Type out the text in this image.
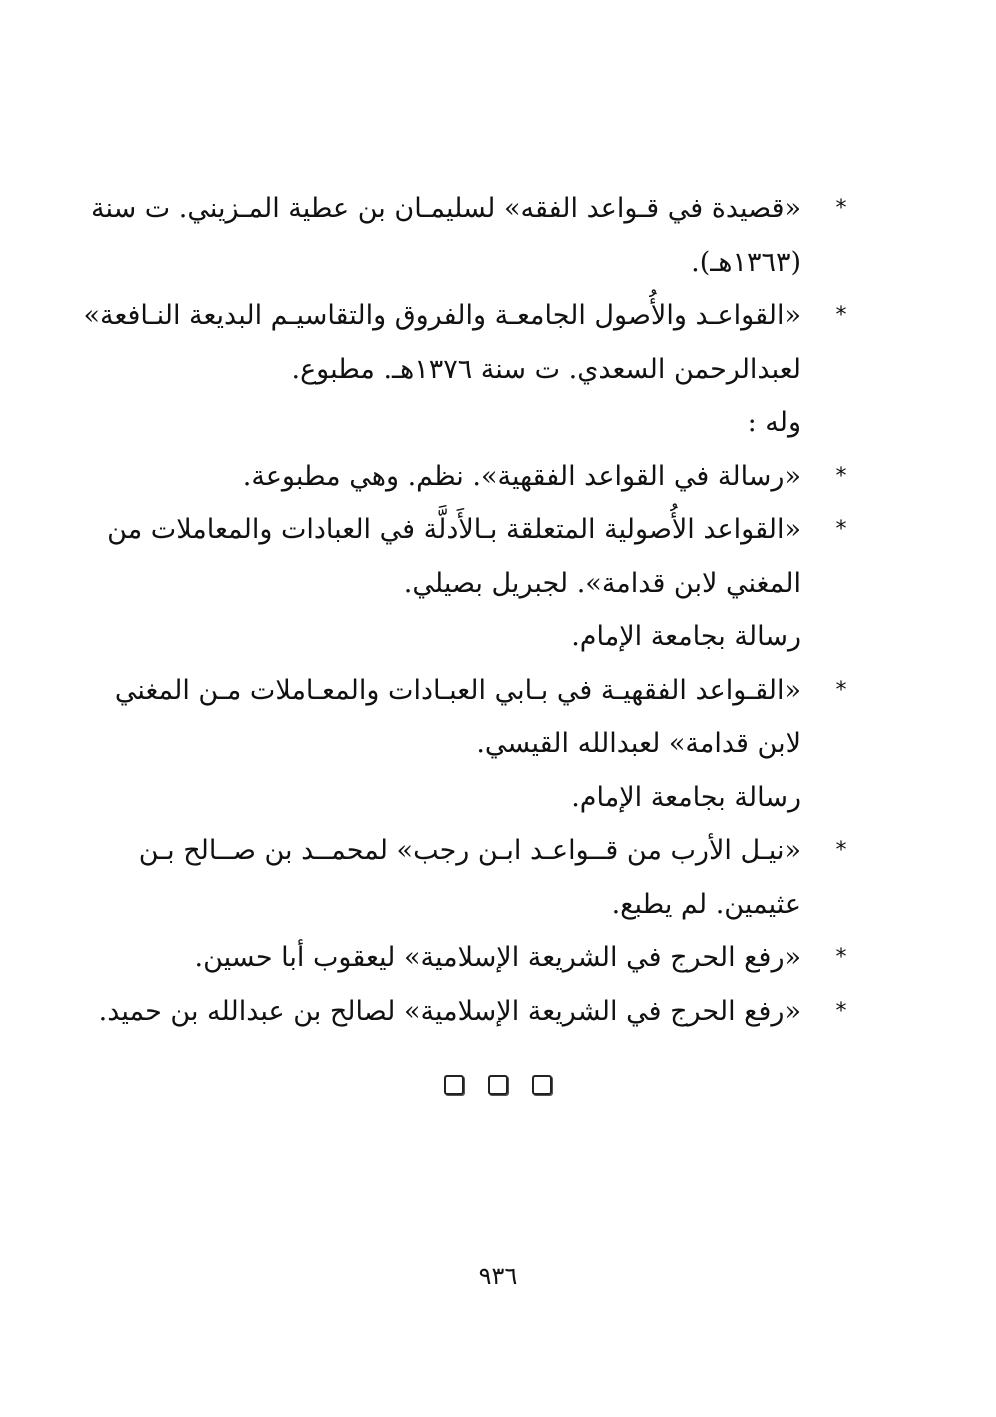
*
«قصيدة في قـواعد الفقه» لسليمـان بن عطية المـزيني. ت سنة
(١٣٦٣هـ).
*
«القواعـد والأُصول الجامعـة والفروق والتقاسيـم البديعة النـافعة»
لعبدالرحمن السعدي. ت سنة ١٣٧٦هـ. مطبوع.
وله :
*
«رسالة في القواعد الفقهية». نظم. وهي مطبوعة.
*
«القواعد الأُصولية المتعلقة بـالأَدلَّة في العبادات والمعاملات من
المغني لابن قدامة». لجبريل بصيلي.
رسالة بجامعة الإمام.
*
«القـواعد الفقهيـة في بـابي العبـادات والمعـاملات مـن المغني
لابن قدامة» لعبدالله القيسي.
رسالة بجامعة الإمام.
*
«نيـل الأرب من قــواعـد ابـن رجب» لمحمــد بن صــالح بـن
عثيمين. لم يطبع.
*
«رفع الحرج في الشريعة الإسلامية» ليعقوب أبا حسين.
*
«رفع الحرج في الشريعة الإسلامية» لصالح بن عبدالله بن حميد.
٩٣٦
